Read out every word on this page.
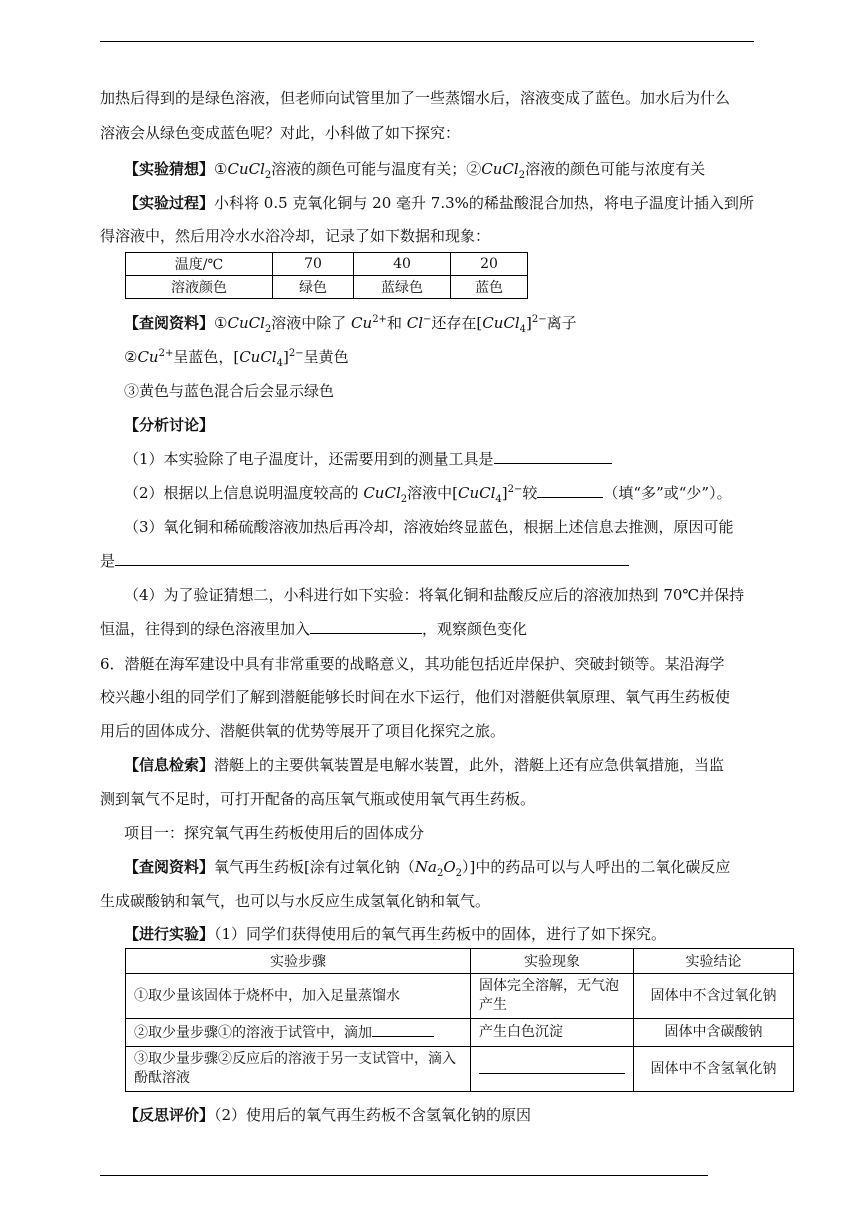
加热后得到的是绿色溶液，但老师向试管里加了一些蒸馏水后，溶液变成了蓝色。加水后为什么
溶液会从绿色变成蓝色呢？对此，小科做了如下探究：
【实验猜想】①CuCl$_2$溶液的颜色可能与温度有关；②CuCl$_2$溶液的颜色可能与浓度有关
【实验过程】小科将 0.5 克氧化铜与 20 毫升 7.3%的稀盐酸混合加热，将电子温度计插入到所
得溶液中，然后用冷水水浴冷却，记录了如下数据和现象：
温度/℃	70	40	20
溶液颜色	绿色	蓝绿色	蓝色
【查阅资料】①CuCl$_2$溶液中除了 $Cu^{2+}$和 Cl−还存在[CuCl$_4$]$^{2-}$离子
$②Cu^{2+}$呈蓝色，[CuCl$_4$]$^{2-}$呈黄色
③黄色与蓝色混合后会显示绿色
【分析讨论】
（1）本实验除了电子温度计，还需要用到的测量工具是
（2）根据以上信息说明温度较高的 CuCl$_2$溶液中[CuCl$_4$]$^{2-}$较	（填“多”或“少”）。
（3）氧化铜和稀硫酸溶液加热后再冷却，溶液始终显蓝色，根据上述信息去推测，原因可能
是
（4）为了验证猜想二，小科进行如下实验：将氧化铜和盐酸反应后的溶液加热到 70℃并保持
恒温，往得到的绿色溶液里加入	，观察颜色变化
6．潜艇在海军建设中具有非常重要的战略意义，其功能包括近岸保护、突破封锁等。某沿海学
校兴趣小组的同学们了解到潜艇能够长时间在水下运行，他们对潜艇供氧原理、氧气再生药板使
用后的固体成分、潜艇供氧的优势等展开了项目化探究之旅。
【信息检索】潜艇上的主要供氧装置是电解水装置，此外，潜艇上还有应急供氧措施，当监
测到氧气不足时，可打开配备的高压氧气瓶或使用氧气再生药板。
项目一：探究氧气再生药板使用后的固体成分
【查阅资料】氧气再生药板[涂有过氧化钠$(Na_2O_2)$]中的药品可以与人呼出的二氧化碳反应
生成碳酸钠和氧气，也可以与水反应生成氢氧化钠和氧气。
【进行实验】（1）同学们获得使用后的氧气再生药板中的固体，进行了如下探究。
实验步骤	实验现象	实验结论
①取少量该固体于烧杯中，加入足量蒸馏水	固体完全溶解，无气泡产生	固体中不含过氧化钠
②取少量步骤①的溶液于试管中，滴加	产生白色沉淀	固体中含碳酸钠
③取少量步骤②反应后的溶液于另一支试管中，滴入酚酞溶液		固体中不含氢氧化钠
【反思评价】（2）使用后的氧气再生药板不含氢氧化钠的原因
